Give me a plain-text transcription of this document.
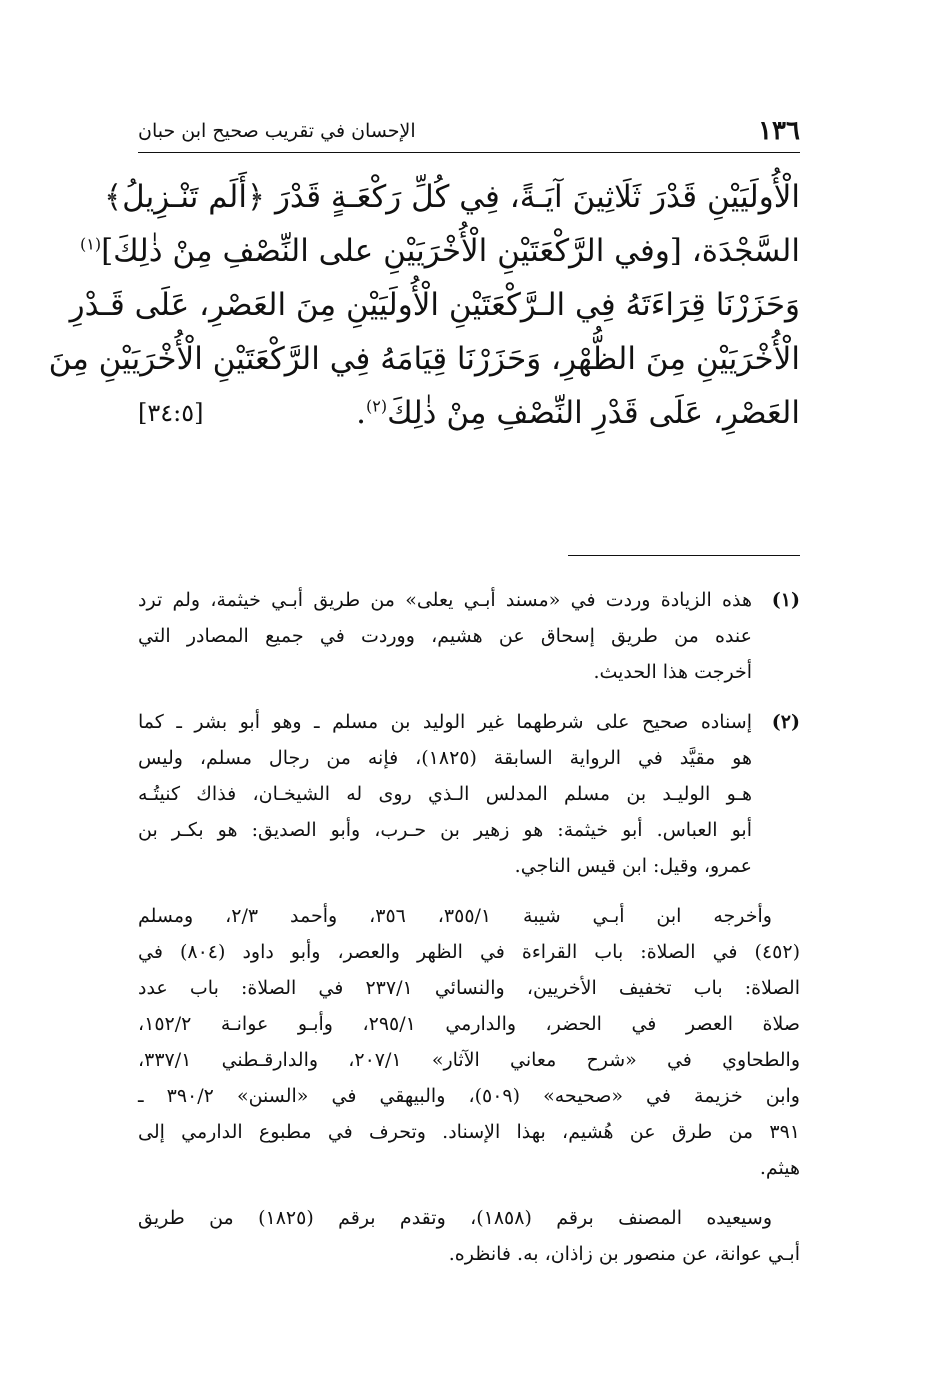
١٣٦
الإحسان في تقريب صحيح ابن حبان
الْأُولَيَيْنِ قَدْرَ ثَلَاثِينَ آيَـةً، فِي كُلِّ رَكْعَـةٍ قَدْرَ ﴿أَلَم تَنْـزِيلُ﴾
السَّجْدَة، [وفي الرَّكْعَتَيْنِ الْأُخْرَيَيْنِ على النِّصْفِ مِنْ ذٰلِكَ]$^{(١)}$
وَحَزَرْنَا قِرَاءَتَهُ فِي الـرَّكْعَتَيْنِ الْأُولَيَيْنِ مِنَ العَصْرِ، عَلَى قَـدْرِ
الْأُخْرَيَيْنِ مِنَ الظُّهْرِ، وَحَزَرْنَا قِيَامَهُ فِي الرَّكْعَتَيْنِ الْأُخْرَيَيْنِ مِنَ
العَصْرِ، عَلَى قَدْرِ النِّصْفِ مِنْ ذٰلِكَ$^{(٢)}$.
[٣٤:٥]
(١)
هذه الزيادة وردت في «مسند أبـي يعلى» من طريق أبـي خيثمة، ولم ترد
عنده من طريق إسحاق عن هشيم، ووردت في جميع المصادر التي
أخرجت هذا الحديث.
(٢)
إسناده صحيح على شرطهما غير الوليد بن مسلم ـ وهو أبو بشر ـ كما
هو مقيَّد في الرواية السابقة (١٨٢٥)، فإنه من رجال مسلم، وليس
هـو الوليـد بن مسلم المدلس الـذي روى له الشيخـان، فذاك كنيتُـه
أبو العباس. أبو خيثمة: هو زهير بن حـرب، وأبو الصديق: هو بكـر بن
عمرو، وقيل: ابن قيس الناجي.
وأخرجه ابن أبـي شيبة ٣٥٥/١، ٣٥٦، وأحمد ٢/٣، ومسلم
(٤٥٢) في الصلاة: باب القراءة في الظهر والعصر، وأبو داود (٨٠٤) في
الصلاة: باب تخفيف الأخريين، والنسائي ٢٣٧/١ في الصلاة: باب عدد
صلاة العصر في الحضر، والدارمي ٢٩٥/١، وأبـو عوانـة ١٥٢/٢،
والطحاوي في «شرح معاني الآثار» ٢٠٧/١، والدارقـطني ٣٣٧/١،
وابن خزيمة في «صحيحه» (٥٠٩)، والبيهقي في «السنن» ٣٩٠/٢ ـ
٣٩١ من طرق عن هُشيم، بهذا الإسناد. وتحرف في مطبوع الدارمي إلى
هيثم.
وسيعيده المصنف برقم (١٨٥٨)، وتقدم برقم (١٨٢٥) من طريق
أبـي عوانة، عن منصور بن زاذان، به. فانظره.
